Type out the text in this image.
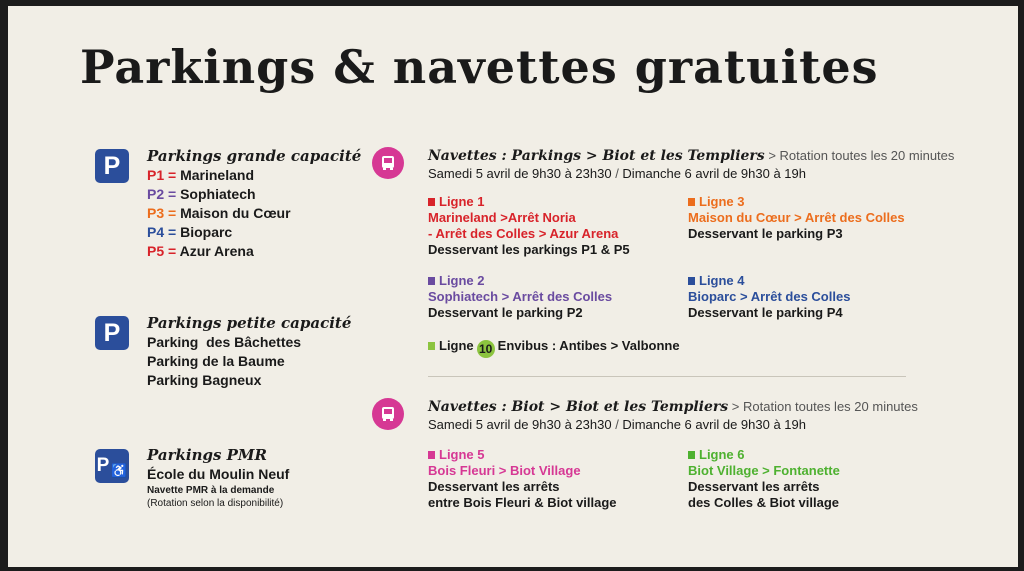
Parkings & navettes gratuites
P	Parkings grande capacité
P1 = Marineland
P2 = Sophiatech
P3 = Maison du Cœur
P4 = Bioparc
P5 = Azur Arena
P	Parkings petite capacité
Parking  des Bâchettes
Parking de la Baume
Parking Bagneux
P ♿
Parkings PMR
École du Moulin Neuf
Navette PMR à la demande
(Rotation selon la disponibilité)
Navettes : Parkings > Biot et les Templiers > Rotation toutes les 20 minutes
Samedi 5 avril de 9h30 à 23h30 / Dimanche 6 avril de 9h30 à 19h
Ligne 1
Marineland >Arrêt Noria
- Arrêt des Colles > Azur Arena
Desservant les parkings P1 & P5
Ligne 3
Maison du Cœur > Arrêt des Colles
Desservant le parking P3
Ligne 2
Sophiatech > Arrêt des Colles
Desservant le parking P2
Ligne 4
Bioparc > Arrêt des Colles
Desservant le parking P4
Ligne 10 Envibus : Antibes > Valbonne
Navettes : Biot > Biot et les Templiers > Rotation toutes les 20 minutes
Samedi 5 avril de 9h30 à 23h30 / Dimanche 6 avril de 9h30 à 19h
Ligne 5
Bois Fleuri > Biot Village
Desservant les arrêts
entre Bois Fleuri & Biot village
Ligne 6
Biot Village > Fontanette
Desservant les arrêts
des Colles & Biot village
